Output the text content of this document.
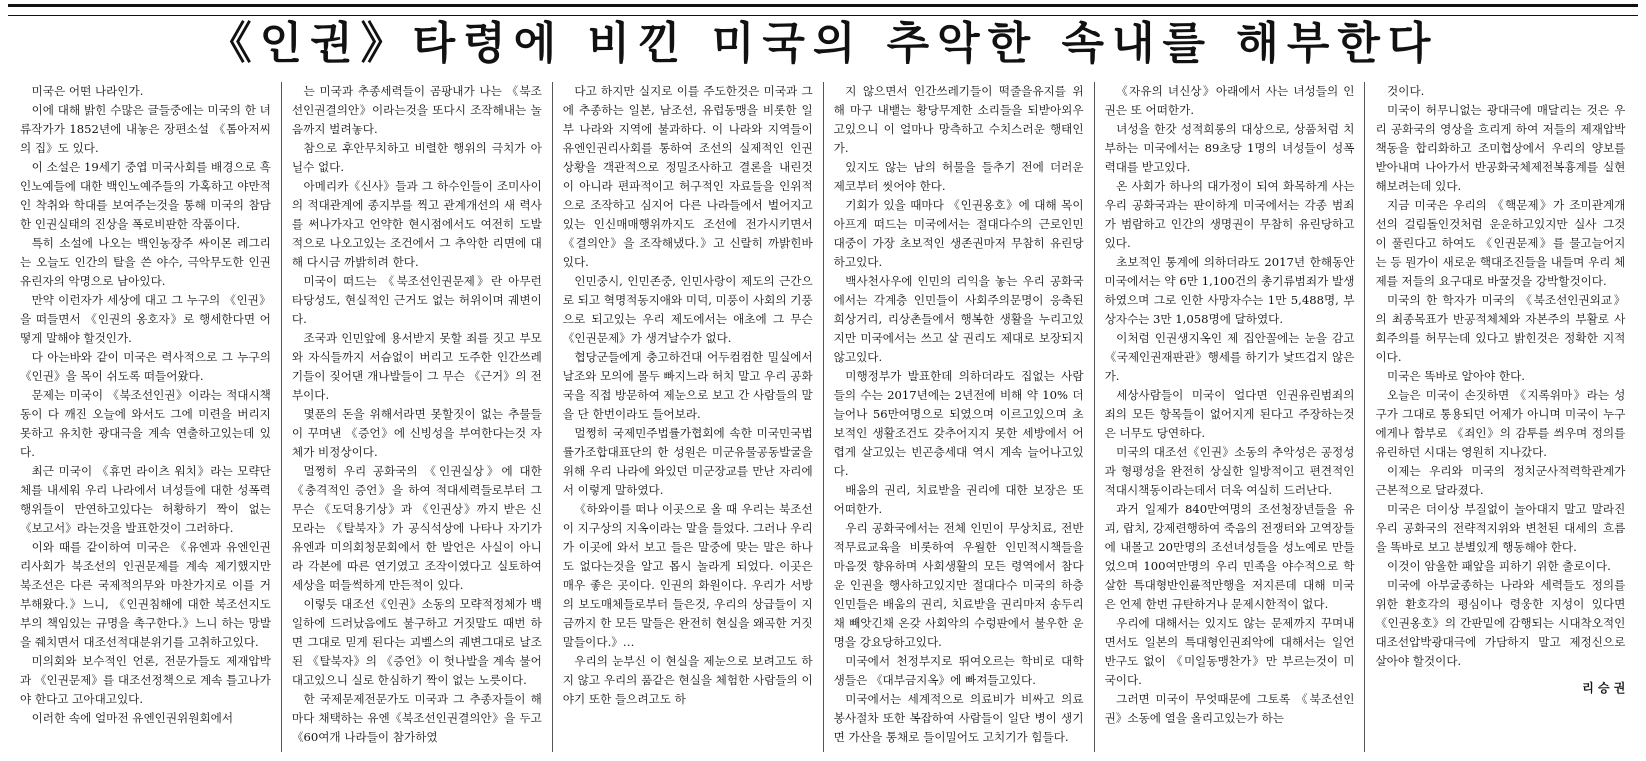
《인권》타령에 비낀 미국의 추악한 속내를 해부한다

미국은 어떤 나라인가.

이에 대해 밝힌 수많은 글들중에는 미국의 한 녀류작가가 1852년에 내놓은 장편소설 《톰아저씨의 집》도 있다.

이 소설은 19세기 중엽 미국사회를 배경으로 흑인노예들에 대한 백인노예주들의 가혹하고 야만적인 착취와 학대를 보여주는것을 통해 미국의 참담한 인권실태의 진상을 폭로비판한 작품이다.

특히 소설에 나오는 백인농장주 싸이몬 레그리는 오늘도 인간의 탈을 쓴 야수, 극악무도한 인권유린자의 악명으로 남아있다.

만약 이런자가 세상에 대고 그 누구의 《인권》을 떠들면서 《인권의 옹호자》로 행세한다면 어떻게 말해야 할것인가.

다 아는바와 같이 미국은 력사적으로 그 누구의 《인권》을 목이 쉬도록 떠들어왔다.

문제는 미국이 《북조선인권》이라는 적대시책동이 다 깨진 오늘에 와서도 그에 미련을 버리지 못하고 유치한 광대극을 계속 연출하고있는데 있다.

최근 미국이 《휴먼 라이츠 워치》라는 모략단체를 내세워 우리 나라에서 녀성들에 대한 성폭력행위들이 만연하고있다는 허황하기 짝이 없는 《보고서》라는것을 발표한것이 그러하다.

이와 때를 같이하여 미국은 《유엔과 유엔인권리사회가 북조선의 인권문제를 계속 제기했지만 북조선은 다른 국제적의무와 마찬가지로 이를 거부해왔다.》느니, 《인권침해에 대한 북조선지도부의 책임있는 규명을 촉구한다.》느니 하는 망발을 줴치면서 대조선적대분위기를 고취하고있다.

미의회와 보수적인 언론, 전문가들도 제재압박과 《인권문제》를 대조선정책으로 계속 틀고나가야 한다고 고아대고있다.

이러한 속에 얼마전 유엔인권위원회에서

는 미국과 추종세력들이 곰팡내가 나는 《북조선인권결의안》이라는것을 또다시 조작해내는 놀음까지 벌려놓다.

참으로 후안무치하고 비렬한 행위의 극치가 아닐수 없다.

아메리카《신사》들과 그 하수인들이 조미사이의 적대관계에 종지부를 찍고 관계개선의 새 력사를 써나가자고 언약한 현시점에서도 여전히 도발적으로 나오고있는 조건에서 그 추악한 리면에 대해 다시금 까밝히려 한다.

미국이 떠드는 《북조선인권문제》란 아무런 타당성도, 현실적인 근거도 없는 허위이며 궤변이다.

조국과 인민앞에 용서받지 못할 죄를 짓고 부모와 자식들까지 서슴없이 버리고 도주한 인간쓰레기들이 짖어댄 개나발들이 그 무슨 《근거》의 전부이다.

몇푼의 돈을 위해서라면 못할짓이 없는 추물들이 꾸며낸 《증언》에 신빙성을 부여한다는것 자체가 비정상이다.

멀쩡히 우리 공화국의 《인권실상》에 대한 《충격적인 증언》을 하여 적대세력들로부터 그 무슨 《도덕용기상》과 《인권상》까지 받은 신 모라는 《탈북자》가 공식석상에 나타나 자기가 유엔과 미의회청문회에서 한 발언은 사실이 아니라 각본에 따른 연기였고 조작이였다고 실토하여 세상을 떠들썩하게 만든적이 있다.

이렇듯 대조선《인권》소동의 모략적정체가 백일하에 드러났음에도 불구하고 거짓말도 때번 하면 그대로 믿게 된다는 괴벨스의 궤변그대로 날조된 《탈북자》의 《증언》이 헛나발을 계속 불어대고있으니 실로 한심하기 짝이 없는 노릇이다.

한 국제문제전문가도 미국과 그 추종자들이 해마다 채택하는 유엔《북조선인권결의안》을 두고 《60여개 나라들이 참가하였

다고 하지만 실지로 이를 주도한것은 미국과 그에 추종하는 일본, 남조선, 유럽동맹을 비롯한 일부 나라와 지역에 불과하다. 이 나라와 지역들이 유엔인권리사회를 통하여 조선의 실제적인 인권상황을 객관적으로 정밀조사하고 결론을 내린것이 아니라 편파적이고 허구적인 자료들을 인위적으로 조작하고 심지어 다른 나라들에서 벌어지고있는 인신매매행위까지도 조선에 전가시키면서 《결의안》을 조작해냈다.》고 신랄히 까밝힌바 있다.

인민중시, 인민존중, 인민사랑이 제도의 근간으로 되고 혁명적동지애와 미덕, 미풍이 사회의 기풍으로 되고있는 우리 제도에서는 애초에 그 무슨 《인권문제》가 생겨날수가 없다.

협당군들에게 충고하건대 어두컴컴한 밀실에서 날조와 모의에 몰두 빠지느라 허치 말고 우리 공화국을 직접 방문하여 제눈으로 보고 간 사람들의 말을 단 한번이라도 들어보라.

멀쩡히 국제민주법률가협회에 속한 미국민국법률가조합대표단의 한 성원은 미군유물공동발굴을 위해 우리 나라에 와있던 미군장교를 만난 자리에서 이렇게 말하였다.

《하와이를 떠나 이곳으로 올 때 우리는 북조선이 지구상의 지옥이라는 말을 들었다. 그러나 우리가 이곳에 와서 보고 들은 말중에 맞는 말은 하나도 없다는것을 알고 몹시 놀라게 되었다. 이곳은 매우 좋은 곳이다. 인권의 화원이다. 우리가 서방의 보도매체들로부터 들은것, 우리의 상급들이 지금까지 한 모든 말들은 완전히 현실을 왜곡한 거짓말들이다.》…

우리의 눈부신 이 현실을 제눈으로 보려고도 하지 않고 우리의 품같은 현실을 체험한 사람들의 이야기 또한 들으려고도 하

지 않으면서 인간쓰레기들이 떡줄을유지를 위해 마구 내뱉는 황당무계한 소리들을 되받아외우고있으니 이 얼마나 망측하고 수치스러운 행태인가.

있지도 않는 남의 허물을 들추기 전에 더러운 제코부터 씻어야 한다.

기회가 있을 때마다 《인권옹호》에 대해 목이 아프게 떠드는 미국에서는 절대다수의 근로인민대중이 가장 초보적인 생존권마저 무참히 유린당하고있다.

백사천사우에 인민의 리익을 놓는 우리 공화국에서는 각계층 인민들이 사회주의문명이 응축된 희상거리, 리상촌들에서 행복한 생활을 누리고있지만 미국에서는 쓰고 살 권리도 제대로 보장되지 않고있다.

미행정부가 발표한데 의하더라도 집없는 사람들의 수는 2017년에는 2년전에 비해 약 10% 더 늘어나 56만여명으로 되였으며 이르고있으며 초보적인 생활조건도 갖추어지지 못한 세방에서 어렵게 살고있는 빈곤층세대 역시 계속 늘어나고있다.

배움의 권리, 치료받을 권리에 대한 보장은 또 어떠한가.

우리 공화국에서는 전체 인민이 무상치료, 전반적무료교육을 비롯하여 우월한 인민적시책들을 마음껏 향유하며 사회생활의 모든 령역에서 참다운 인권을 행사하고있지만 절대다수 미국의 하층인민들은 배움의 권리, 치료받을 권리마저 송두리채 빼앗긴채 온갖 사회악의 수렁판에서 불우한 운명을 강요당하고있다.

미국에서 천정부지로 뛰여오르는 학비로 대학생들은 《대부금지옥》에 빠져들고있다.

미국에서는 세계적으로 의료비가 비싸고 의료봉사절차 또한 복잡하여 사람들이 일단 병이 생기면 가산을 통채로 들이밀어도 고치기가 힘들다.

《자유의 녀신상》아래에서 사는 녀성들의 인권은 또 어떠한가.

녀성을 한갓 성적희롱의 대상으로, 상품처럼 치부하는 미국에서는 89초당 1명의 녀성들이 성폭력대를 받고있다.

온 사회가 하나의 대가정이 되여 화목하게 사는 우리 공화국과는 판이하게 미국에서는 각종 범죄가 범람하고 인간의 생명권이 무참히 유린당하고있다.

초보적인 통계에 의하더라도 2017년 한해동안 미국에서는 약 6만 1,100건의 총기류범죄가 발생하였으며 그로 인한 사망자수는 1만 5,488명, 부상자수는 3만 1,058명에 달하였다.

이처럼 인권생지옥인 제 집안꼴에는 눈을 감고 《국제인권재판관》행세를 하기가 낯뜨겁지 않은가.

세상사람들이 미국이 얼다면 인권유린범죄의 죄의 모든 항목들이 없어지게 된다고 주장하는것은 너무도 당연하다.

미국의 대조선《인권》소동의 추악성은 공정성과 형평성을 완전히 상실한 일방적이고 편견적인 적대시책동이라는데서 더욱 여실히 드러난다.

과거 일제가 840만여명의 조선청장년들을 유괴, 랍치, 강제련행하여 죽음의 전쟁터와 고역장들에 내몰고 20만명의 조선녀성들을 성노예로 만들었으며 100여만명의 우리 민족을 야수적으로 학살한 특대형반인륜적만행을 저지른데 대해 미국은 언제 한번 규탄하거나 문제시한적이 없다.

우리에 대해서는 있지도 않는 문제까지 꾸며내면서도 일본의 특대형인권죄악에 대해서는 일언반구도 없이 《미일동맹찬가》만 부르는것이 미국이다.

그러면 미국이 무엇때문에 그토록 《북조선인권》소동에 열을 올리고있는가 하는

것이다.

미국이 허무니없는 광대극에 매달리는 것은 우리 공화국의 영상을 흐리게 하여 저들의 제재압박책동을 합리화하고 조미협상에서 우리의 양보를 받아내며 나아가서 반공화국체제전복흉계를 실현해보려는데 있다.

지금 미국은 우리의 《핵문제》가 조미관계개선의 걸림돌인것처럼 운운하고있지만 실사 그것이 풀린다고 하여도 《인권문제》를 물고늘어지는 등 뭔가이 새로운 핵대조진들을 내들며 우리 체제를 저들의 요구대로 바꿀것을 강박할것이다.

미국의 한 학자가 미국의 《북조선인권외교》의 최종목표가 반공적체체와 자본주의 부활로 사회주의를 허무는데 있다고 밝힌것은 정확한 지적이다.

미국은 똑바로 알아야 한다.

오늘은 미국이 손짓하면 《지록위마》라는 성구가 그대로 통용되던 어제가 아니며 미국이 누구에게나 함부로 《죄인》의 감투를 씌우며 정의를 유린하던 시대는 영원히 지나갔다.

이제는 우리와 미국의 정치군사적력학관계가 근본적으로 달라졌다.

미국은 더이상 부질없이 놀아대지 말고 말라진 우리 공화국의 전략적지위와 변천된 대세의 흐름을 똑바로 보고 분별있게 행동해야 한다.

이것이 암울한 패앞을 피하기 위한 출로이다.

미국에 아부굴종하는 나라와 세력들도 정의를 위한 환호각의 평심이나 령웅한 지성이 있다면 《인권옹호》의 간판밑에 감행되는 시대착오적인 대조선압박광대극에 가담하지 말고 제정신으로 살아야 할것이다.

리 승 권
